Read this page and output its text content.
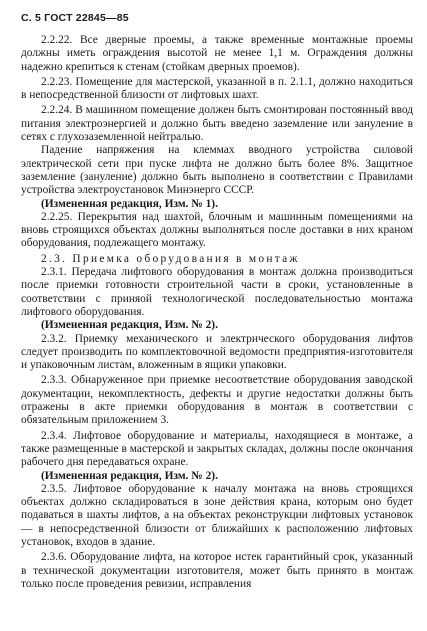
С. 5 ГОСТ 22845—85

2.2.22. Все дверные проемы, а также временные монтажные проемы должны иметь ограждения высотой не менее 1,1 м. Ограждения должны надежно крепиться к стенам (стойкам дверных проемов).

2.2.23. Помещение для мастерской, указанной в п. 2.1.1, должно находиться в непосредственной близости от лифтовых шахт.

2.2.24. В машинном помещение должен быть смонтирован постоянный ввод питания электроэнергией и должно быть введено заземление или зануление в сетях с глухозаземленной нейтралью.

Падение напряжения на клеммах вводного устройства силовой электрической сети при пуске лифта не должно быть более 8%. Защитное заземление (зануление) должно быть выполнено в соответствии с Правилами устройства электроустановок Минэнерго СССР.

(Измененная редакция, Изм. № 1).

2.2.25. Перекрытия над шахтой, блочным и машинным помещениями на вновь строящихся объектах должны выполняться после доставки в них краном оборудования, подлежащего монтажу.

2.3. Приемка оборудования в монтаж

2.3.1. Передача лифтового оборудования в монтаж должна производиться после приемки готовности строительной части в сроки, установленные в соответствии с приняoй технологической последовательностью монтажа лифтового оборудования.

(Измененная редакция, Изм. № 2).

2.3.2. Приемку механического и электрического оборудования лифтов следует производить по комплектовочной ведомости предприятия-изготовителя и упаковочным листам, вложенным в ящики упаковки.

2.3.3. Обнаруженное при приемке несоответствие оборудования заводской документации, некомплектность, дефекты и другие недостатки должны быть отражены в акте приемки оборудования в монтаж в соответствии с обязательным приложением 3.

2.3.4. Лифтовое оборудование и материалы, находящиеся в монтаже, а также размещенные в мастерской и закрытых складах, должны после окончания рабочего дня передаваться охране.

(Измененная редакция, Изм. № 2).

2.3.5. Лифтовое оборудование к началу монтажа на вновь строящихся объектах должно складироваться в зоне действия крана, которым оно будет подаваться в шахты лифтов, а на объектах реконструкции лифтовых установок — в непосредственной близости от ближайших к расположению лифтовых установок, входов в здание.

2.3.6. Оборудование лифта, на которое истек гарантийный срок, указанный в технической документации изготовителя, может быть принято в монтаж только после проведения ревизии, исправления
